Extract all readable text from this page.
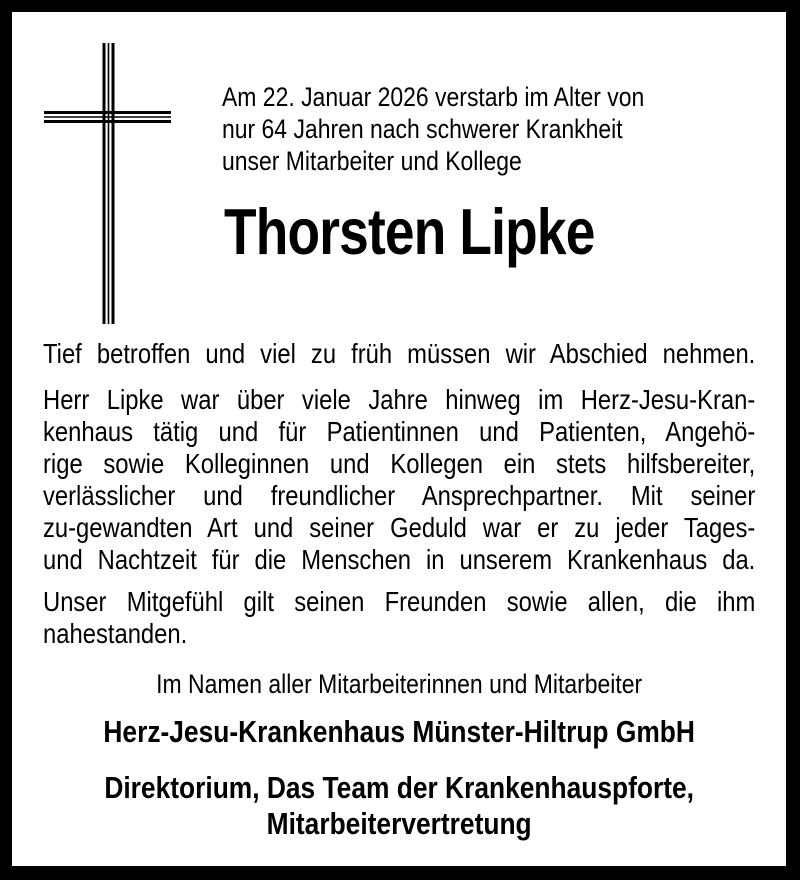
Am 22. Januar 2026 verstarb im Alter von
nur 64 Jahren nach schwerer Krankheit
unser Mitarbeiter und Kollege
Thorsten Lipke
Tief betroffen und viel zu früh müssen wir Abschied nehmen.
Herr Lipke war über viele Jahre hinweg im Herz-Jesu-Kran-
kenhaus tätig und für Patientinnen und Patienten, Angehö-
rige sowie Kolleginnen und Kollegen ein stets hilfsbereiter,
verlässlicher und freundlicher Ansprechpartner. Mit seiner
zu-gewandten Art und seiner Geduld war er zu jeder Tages-
und Nachtzeit für die Menschen in unserem Krankenhaus da.
Unser Mitgefühl gilt seinen Freunden sowie allen, die ihm
nahestanden.
Im Namen aller Mitarbeiterinnen und Mitarbeiter
Herz-Jesu-Krankenhaus Münster-Hiltrup GmbH
Direktorium, Das Team der Krankenhauspforte,
Mitarbeitervertretung
